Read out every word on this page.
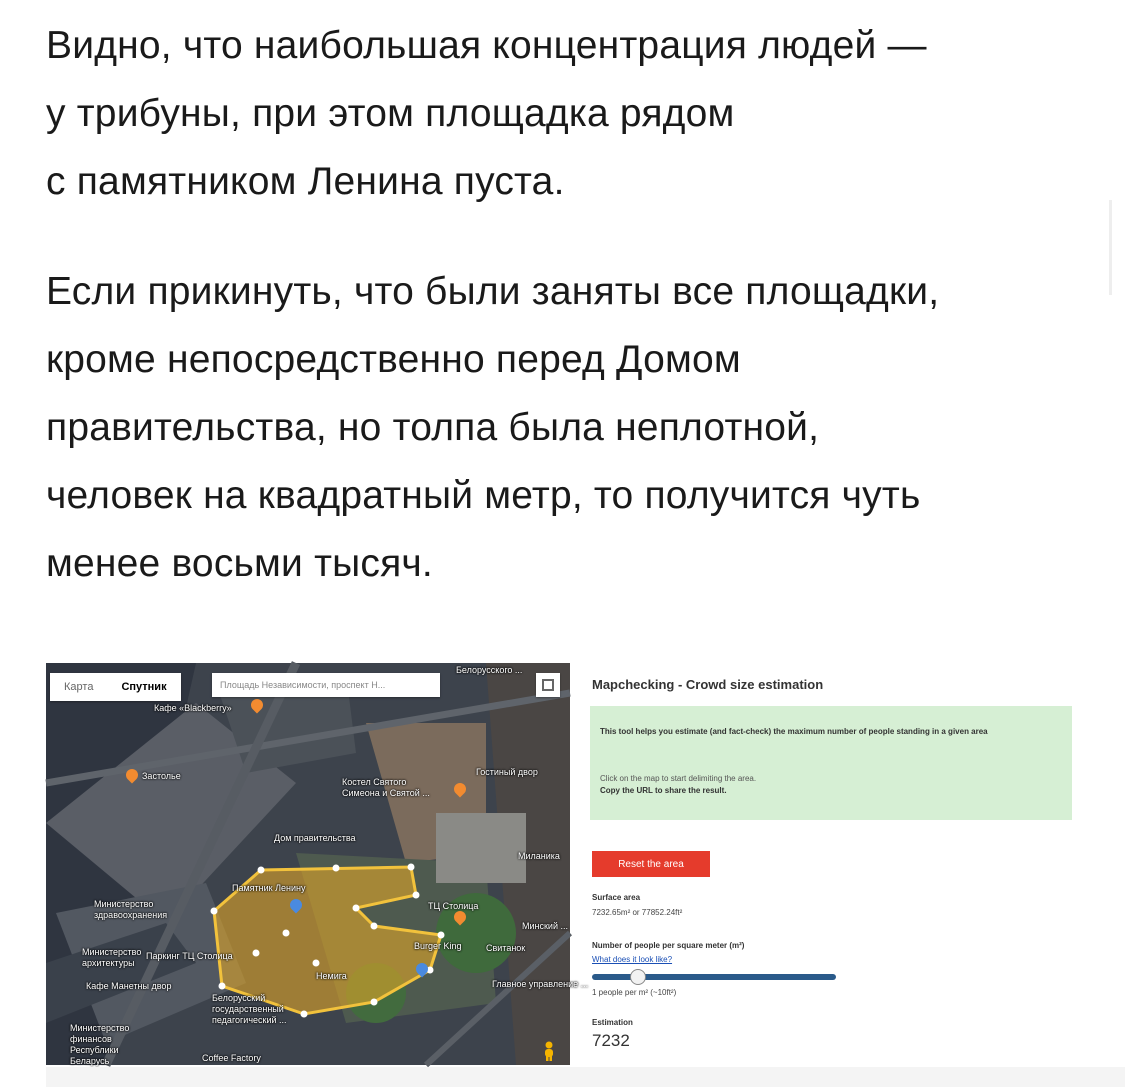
Видно, что наибольшая концентрация людей —
у трибуны, при этом площадка рядом
с памятником Ленина пуста.

Если прикинуть, что были заняты все площадки,
кроме непосредственно перед Домом
правительства, но толпа была неплотной,
человек на квадратный метр, то получится чуть
менее восьми тысяч.

Белорусского ...
Кафе «Blackberry»
Застолье
Костел Святого Симеона и Святой ...
Гостиный двор
Дом правительства
Памятник Ленину
Миланика
Министерство здравоохранения
ТЦ Столица
Министерство архитектуры
Паркинг ТЦ Столица
Burger King	Свитанок
Минский ...
Кафе Манетны двор
Немига
Главное управление ...
Белорусский государственный педагогический ...
Министерство финансов Республики Беларусь	Coffee Factory
Карта	Спутник	Площадь Независимости, проспект Н...	Mapchecking - Crowd size estimation
This tool helps you estimate (and fact-check) the maximum number of people standing in a given area
Click on the map to start delimiting the area.
Copy the URL to share the result.
Reset the area
Surface area
7232.65m² or 77852.24ft²
Number of people per square meter (m²)
What does it look like?
1 people per m² (~10ft²)
Estimation
7232
